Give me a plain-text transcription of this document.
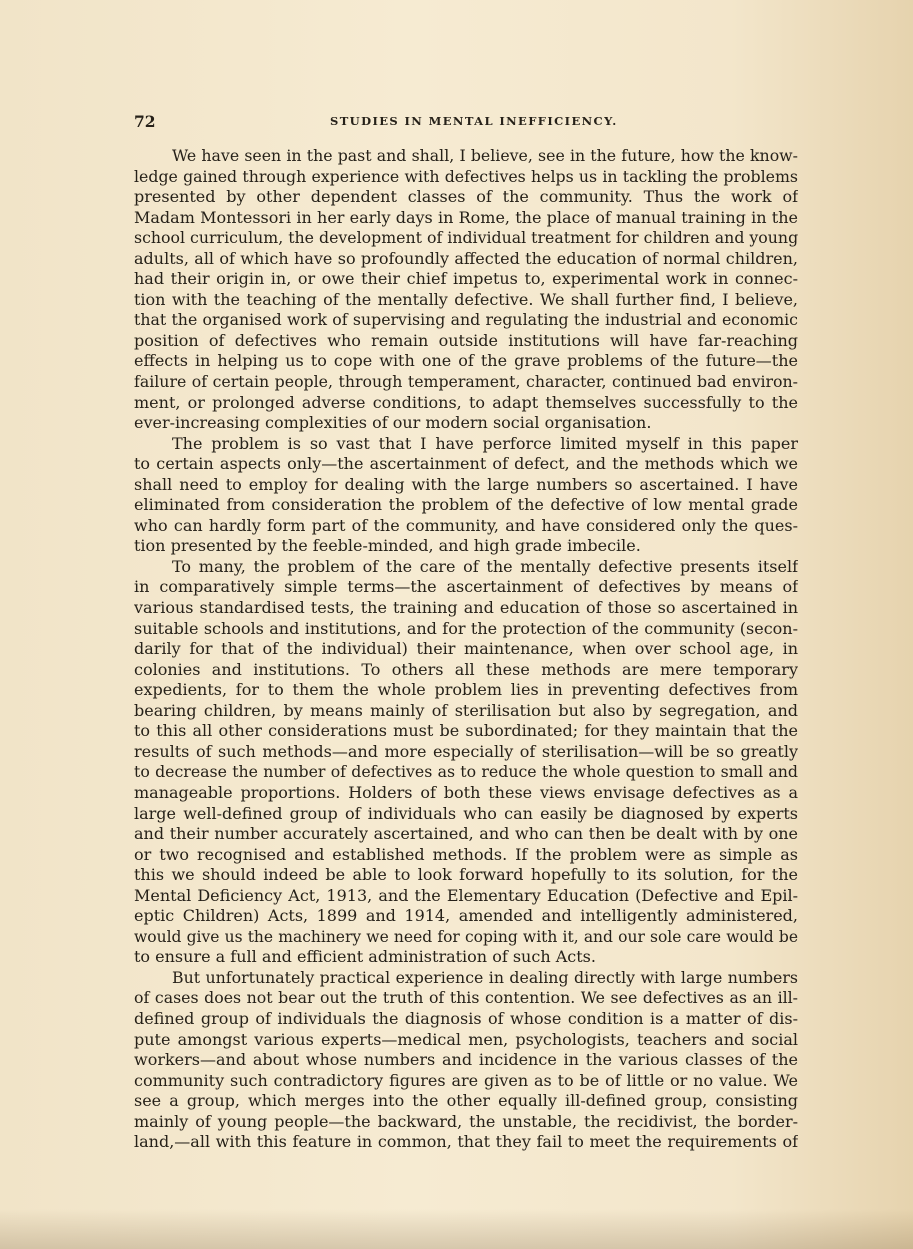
72	STUDIES IN MENTAL INEFFICIENCY.
We have seen in the past and shall, I believe, see in the future, how the know-
ledge gained through experience with defectives helps us in tackling the problems
presented by other dependent classes of the community. Thus the work of
Madam Montessori in her early days in Rome, the place of manual training in the
school curriculum, the development of individual treatment for children and young
adults, all of which have so profoundly affected the education of normal children,
had their origin in, or owe their chief impetus to, experimental work in connec-
tion with the teaching of the mentally defective. We shall further find, I believe,
that the organised work of supervising and regulating the industrial and economic
position of defectives who remain outside institutions will have far-reaching
effects in helping us to cope with one of the grave problems of the future—the
failure of certain people, through temperament, character, continued bad environ-
ment, or prolonged adverse conditions, to adapt themselves successfully to the
ever-increasing complexities of our modern social organisation.
The problem is so vast that I have perforce limited myself in this paper
to certain aspects only—the ascertainment of defect, and the methods which we
shall need to employ for dealing with the large numbers so ascertained. I have
eliminated from consideration the problem of the defective of low mental grade
who can hardly form part of the community, and have considered only the ques-
tion presented by the feeble-minded, and high grade imbecile.
To many, the problem of the care of the mentally defective presents itself
in comparatively simple terms—the ascertainment of defectives by means of
various standardised tests, the training and education of those so ascertained in
suitable schools and institutions, and for the protection of the community (secon-
darily for that of the individual) their maintenance, when over school age, in
colonies and institutions. To others all these methods are mere temporary
expedients, for to them the whole problem lies in preventing defectives from
bearing children, by means mainly of sterilisation but also by segregation, and
to this all other considerations must be subordinated; for they maintain that the
results of such methods—and more especially of sterilisation—will be so greatly
to decrease the number of defectives as to reduce the whole question to small and
manageable proportions. Holders of both these views envisage defectives as a
large well-defined group of individuals who can easily be diagnosed by experts
and their number accurately ascertained, and who can then be dealt with by one
or two recognised and established methods. If the problem were as simple as
this we should indeed be able to look forward hopefully to its solution, for the
Mental Deficiency Act, 1913, and the Elementary Education (Defective and Epil-
eptic Children) Acts, 1899 and 1914, amended and intelligently administered,
would give us the machinery we need for coping with it, and our sole care would be
to ensure a full and efficient administration of such Acts.
But unfortunately practical experience in dealing directly with large numbers
of cases does not bear out the truth of this contention. We see defectives as an ill-
defined group of individuals the diagnosis of whose condition is a matter of dis-
pute amongst various experts—medical men, psychologists, teachers and social
workers—and about whose numbers and incidence in the various classes of the
community such contradictory figures are given as to be of little or no value. We
see a group, which merges into the other equally ill-defined group, consisting
mainly of young people—the backward, the unstable, the recidivist, the border-
land,—all with this feature in common, that they fail to meet the requirements of
